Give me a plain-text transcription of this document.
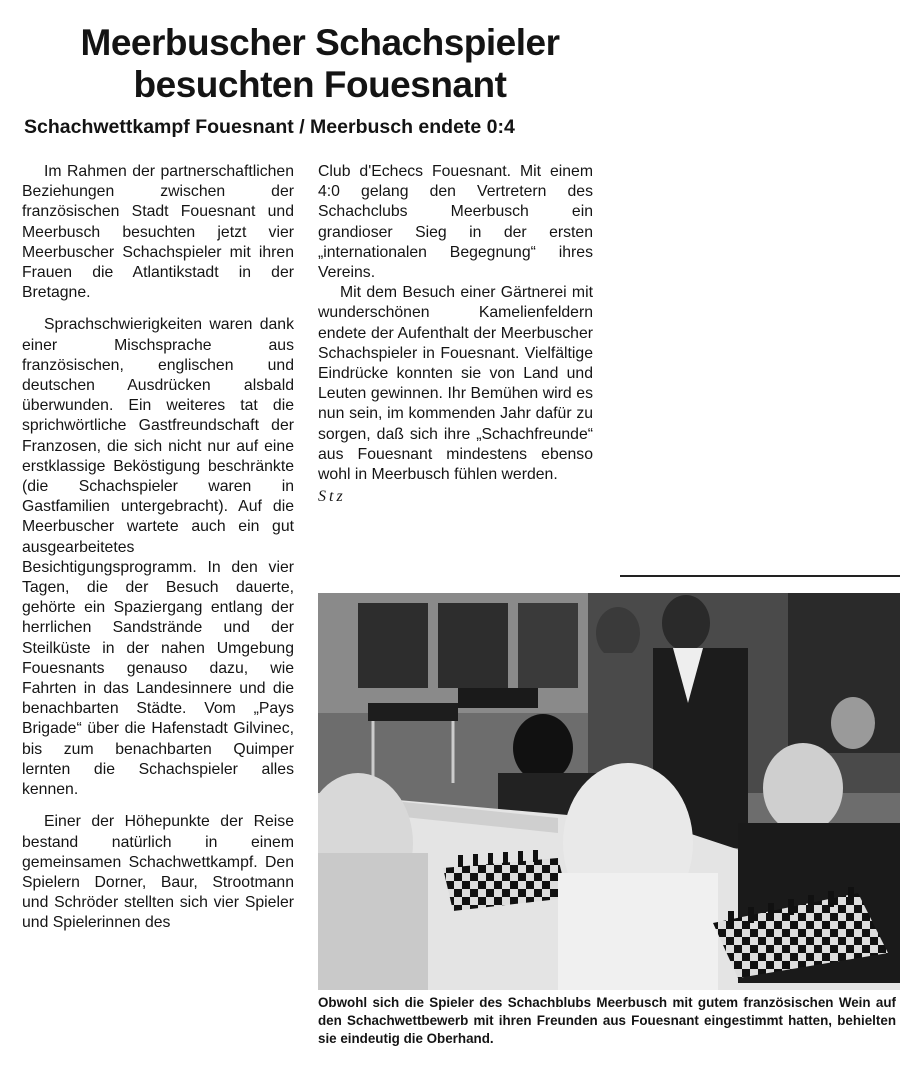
Meerbuscher Schachspieler
besuchten Fouesnant
Schachwettkampf Fouesnant / Meerbusch endete 0:4

Im Rahmen der partnerschaftlichen Beziehungen zwischen der französischen Stadt Fouesnant und Meerbusch besuchten jetzt vier Meerbuscher Schachspieler mit ihren Frauen die Atlantikstadt in der Bretagne.

Sprachschwierigkeiten waren dank einer Mischsprache aus französischen, englischen und deutschen Ausdrücken alsbald überwunden. Ein weiteres tat die sprichwörtliche Gastfreundschaft der Franzosen, die sich nicht nur auf eine erstklassige Beköstigung beschränkte (die Schachspieler waren in Gastfamilien untergebracht). Auf die Meerbuscher wartete auch ein gut ausgearbeitetes Besichtigungsprogramm. In den vier Tagen, die der Besuch dauerte, gehörte ein Spaziergang entlang der herrlichen Sandstrände und der Steilküste in der nahen Umgebung Fouesnants genauso dazu, wie Fahrten in das Landesinnere und die benachbarten Städte. Vom „Pays Brigade“ über die Hafenstadt Gilvinec, bis zum benachbarten Quimper lernten die Schachspieler alles kennen.

Einer der Höhepunkte der Reise bestand natürlich in einem gemeinsamen Schachwettkampf. Den Spielern Dorner, Baur, Strootmann und Schröder stellten sich vier Spieler und Spielerinnen des

Club d'Echecs Fouesnant. Mit einem 4:0 gelang den Vertretern des Schachclubs Meerbusch ein grandioser Sieg in der ersten „internationalen Begegnung“ ihres Vereins.

Mit dem Besuch einer Gärtnerei mit wunderschönen Kamelienfeldern endete der Aufenthalt der Meerbuscher Schachspieler in Fouesnant. Vielfältige Eindrücke konnten sie von Land und Leuten gewinnen. Ihr Bemühen wird es nun sein, im kommenden Jahr dafür zu sorgen, daß sich ihre „Schachfreunde“ aus Fouesnant mindestens ebenso wohl in Meerbusch fühlen werden.

Stz
Obwohl sich die Spieler des Schachblubs Meerbusch mit gutem französischen Wein auf den Schachwettbewerb mit ihren Freunden aus Fouesnant eingestimmt hatten, behielten sie eindeutig die Oberhand.
